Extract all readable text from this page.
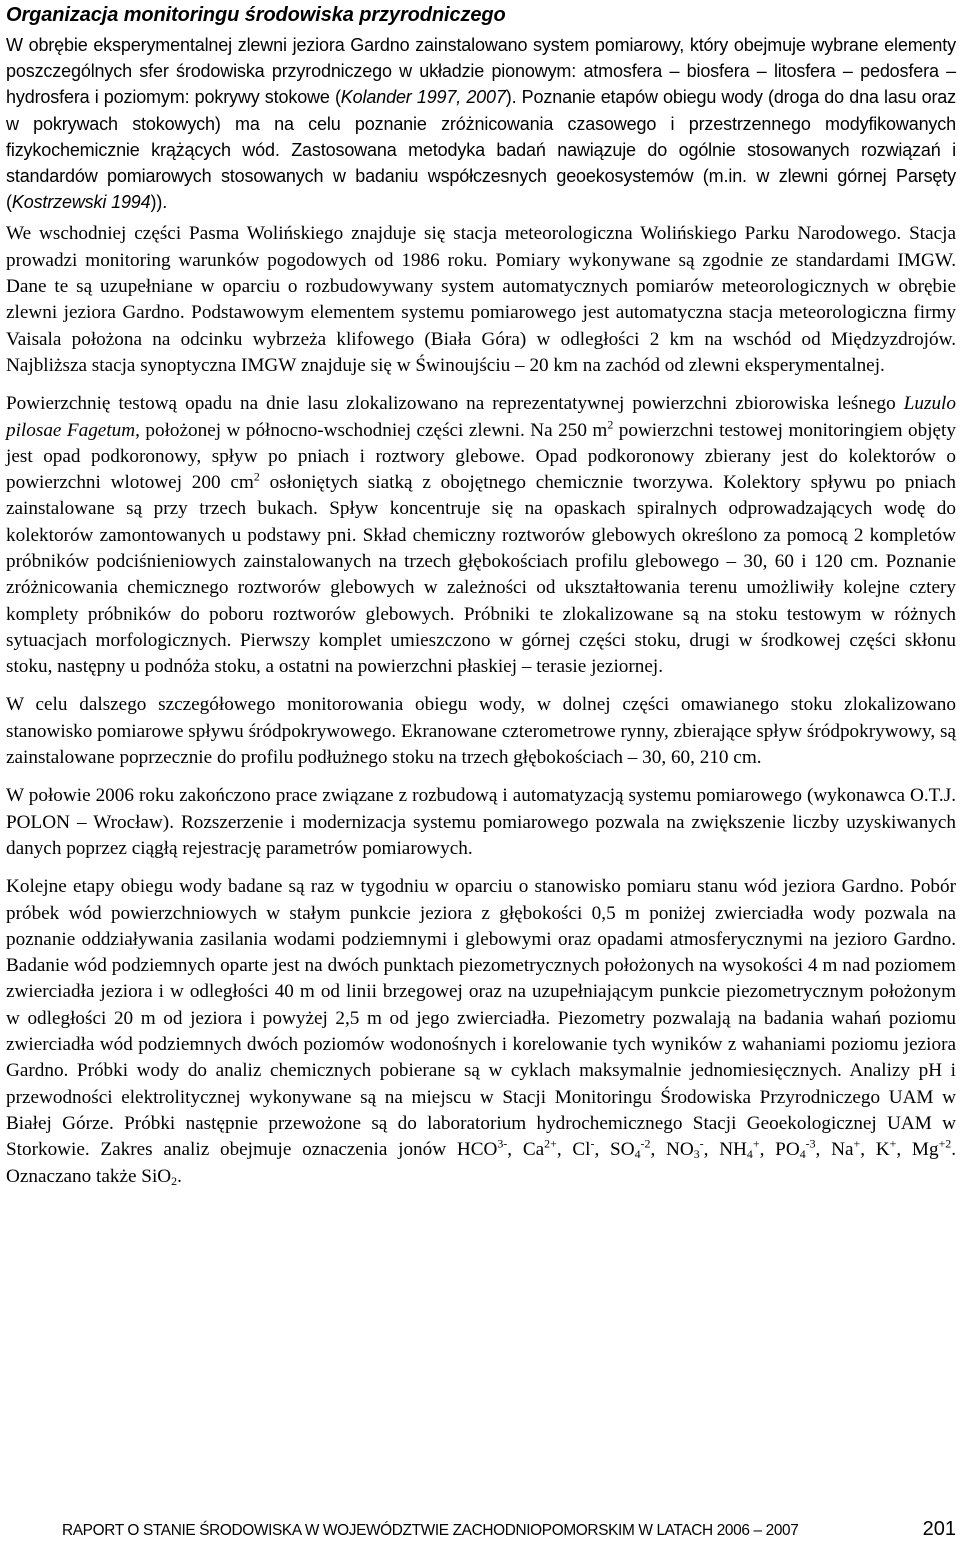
Organizacja monitoringu środowiska przyrodniczego

W obrębie eksperymentalnej zlewni jeziora Gardno zainstalowano system pomiarowy, który obejmuje wybrane elementy poszczególnych sfer środowiska przyrodniczego w układzie pionowym: atmosfera – biosfera – litosfera – pedosfera – hydrosfera i poziomym: pokrywy stokowe (Kolander 1997, 2007). Poznanie etapów obiegu wody (droga do dna lasu oraz w pokrywach stokowych) ma na celu poznanie zróżnicowania czasowego i przestrzennego modyfikowanych fizykochemicznie krążących wód. Zastosowana metodyka badań nawiązuje do ogólnie stosowanych rozwiązań i standardów pomiarowych stosowanych w badaniu współczesnych geoekosystemów (m.in. w zlewni górnej Parsęty (Kostrzewski 1994)).

We wschodniej części Pasma Wolińskiego znajduje się stacja meteorologiczna Wolińskiego Parku Narodowego. Stacja prowadzi monitoring warunków pogodowych od 1986 roku. Pomiary wykonywane są zgodnie ze standardami IMGW. Dane te są uzupełniane w oparciu o rozbudowywany system automatycznych pomiarów meteorologicznych w obrębie zlewni jeziora Gardno. Podstawowym elementem systemu pomiarowego jest automatyczna stacja meteorologiczna firmy Vaisala położona na odcinku wybrzeża klifowego (Biała Góra) w odległości 2 km na wschód od Międzyzdrojów. Najbliższa stacja synoptyczna IMGW znajduje się w Świnoujściu – 20 km na zachód od zlewni eksperymentalnej.

Powierzchnię testową opadu na dnie lasu zlokalizowano na reprezentatywnej powierzchni zbiorowiska leśnego Luzulo pilosae Fagetum, położonej w północno-wschodniej części zlewni. Na 250 $m^2$ powierzchni testowej monitoringiem objęty jest opad podkoronowy, spływ po pniach i roztwory glebowe. Opad podkoronowy zbierany jest do kolektorów o powierzchni wlotowej 200 $cm^2$ osłoniętych siatką z obojętnego chemicznie tworzywa. Kolektory spływu po pniach zainstalowane są przy trzech bukach. Spływ koncentruje się na opaskach spiralnych odprowadzających wodę do kolektorów zamontowanych u podstawy pni. Skład chemiczny roztworów glebowych określono za pomocą 2 kompletów próbników podciśnieniowych zainstalowanych na trzech głębokościach profilu glebowego – 30, 60 i 120 cm. Poznanie zróżnicowania chemicznego roztworów glebowych w zależności od ukształtowania terenu umożliwiły kolejne cztery komplety próbników do poboru roztworów glebowych. Próbniki te zlokalizowane są na stoku testowym w różnych sytuacjach morfologicznych. Pierwszy komplet umieszczono w górnej części stoku, drugi w środkowej części skłonu stoku, następny u podnóża stoku, a ostatni na powierzchni płaskiej – terasie jeziornej.

W celu dalszego szczegółowego monitorowania obiegu wody, w dolnej części omawianego stoku zlokalizowano stanowisko pomiarowe spływu śródpokrywowego. Ekranowane czterometrowe rynny, zbierające spływ śródpokrywowy, są zainstalowane poprzecznie do profilu podłużnego stoku na trzech głębokościach – 30, 60, 210 cm.

W połowie 2006 roku zakończono prace związane z rozbudową i automatyzacją systemu pomiarowego (wykonawca O.T.J. POLON – Wrocław). Rozszerzenie i modernizacja systemu pomiarowego pozwala na zwiększenie liczby uzyskiwanych danych poprzez ciągłą rejestrację parametrów pomiarowych.

Kolejne etapy obiegu wody badane są raz w tygodniu w oparciu o stanowisko pomiaru stanu wód jeziora Gardno. Pobór próbek wód powierzchniowych w stałym punkcie jeziora z głębokości 0,5 m poniżej zwierciadła wody pozwala na poznanie oddziaływania zasilania wodami podziemnymi i glebowymi oraz opadami atmosferycznymi na jezioro Gardno. Badanie wód podziemnych oparte jest na dwóch punktach piezometrycznych położonych na wysokości 4 m nad poziomem zwierciadła jeziora i w odległości 40 m od linii brzegowej oraz na uzupełniającym punkcie piezometrycznym położonym w odległości 20 m od jeziora i powyżej 2,5 m od jego zwierciadła. Piezometry pozwalają na badania wahań poziomu zwierciadła wód podziemnych dwóch poziomów wodonośnych i korelowanie tych wyników z wahaniami poziomu jeziora Gardno. Próbki wody do analiz chemicznych pobierane są w cyklach maksymalnie jednomiesięcznych. Analizy pH i przewodności elektrolitycznej wykonywane są na miejscu w Stacji Monitoringu Środowiska Przyrodniczego UAM w Białej Górze. Próbki następnie przewożone są do laboratorium hydrochemicznego Stacji Geoekologicznej UAM w Storkowie. Zakres analiz obejmuje oznaczenia jonów $HCO^{3-}$, $Ca^{2+}$, Cl-, $SO_4^{-2}$, $NO_3^-$, $NH_4^+$, $PO_4^{-3}$, Na+, K+, $Mg^{+2}$. Oznaczano także SiO$_2$.

RAPORT O STANIE ŚRODOWISKA W WOJEWÓDZTWIE ZACHODNIOPOMORSKIM W LATACH 2006 – 2007	201
